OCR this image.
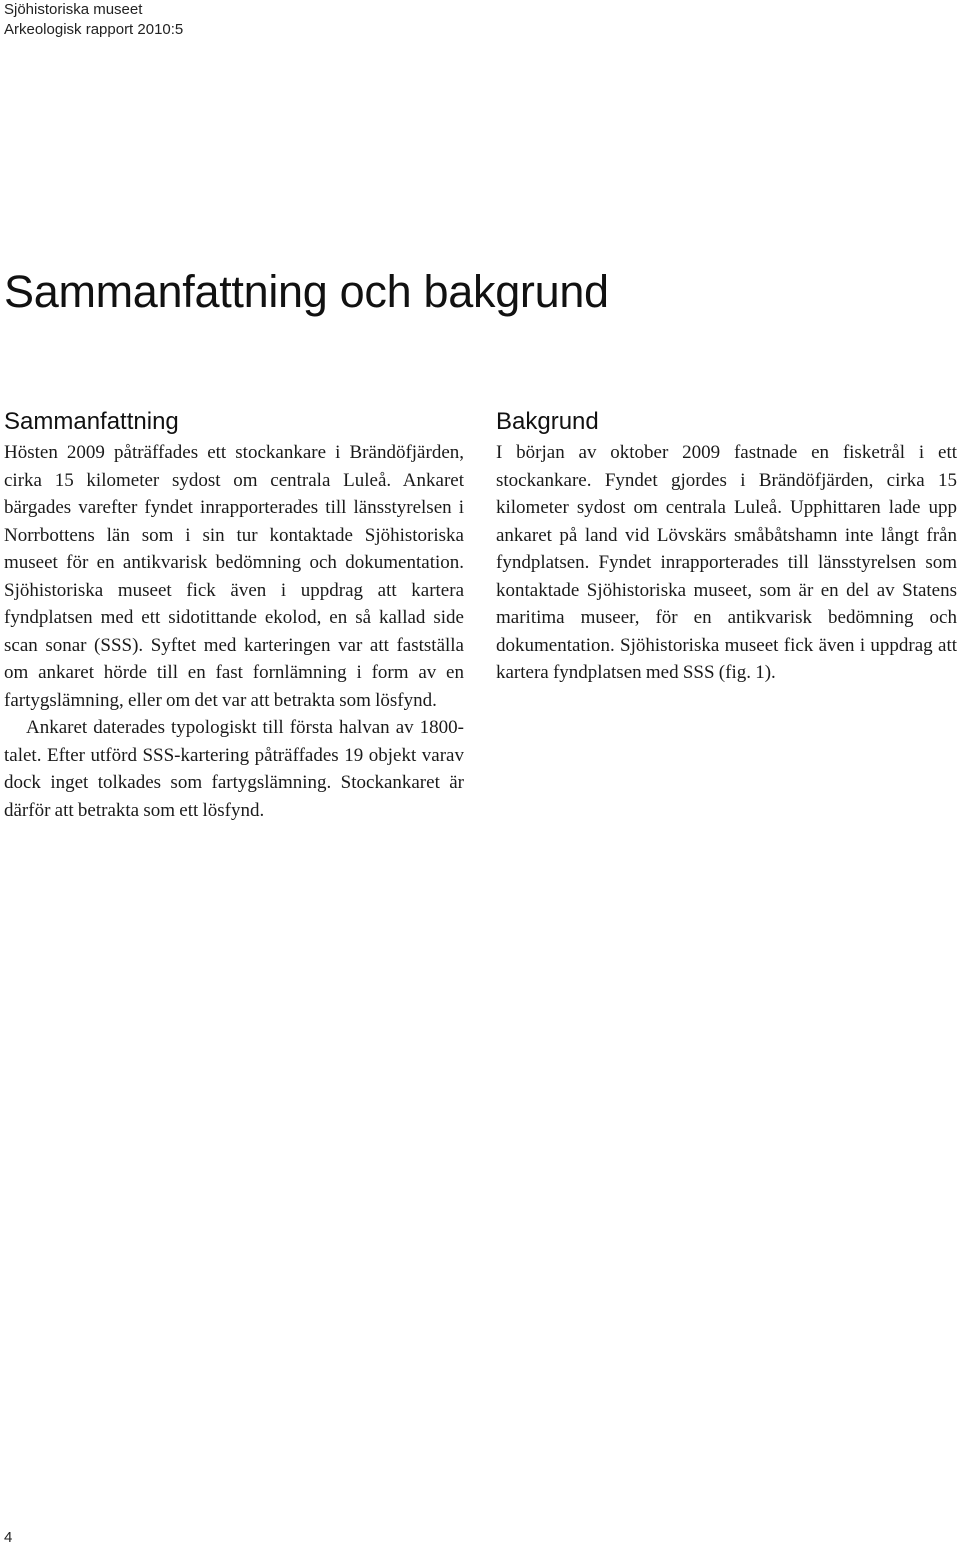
Sjöhistoriska museet
Arkeologisk rapport 2010:5
Sammanfattning och bakgrund
Sammanfattning

Hösten 2009 påträffades ett stockankare i Brändöfjärden, cirka 15 kilometer sydost om centrala Luleå. Ankaret bärgades varefter fyndet inrapporterades till länsstyrelsen i Norrbottens län som i sin tur kontaktade Sjöhistoriska museet för en antikvarisk bedömning och dokumentation. Sjöhistoriska museet fick även i uppdrag att kartera fyndplatsen med ett sidotittande ekolod, en så kallad side scan sonar (SSS). Syftet med karteringen var att fastställa om ankaret hörde till en fast fornlämning i form av en fartygslämning, eller om det var att betrakta som lösfynd.

Ankaret daterades typologiskt till första halvan av 1800-talet. Efter utförd SSS-kartering påträffades 19 objekt varav dock inget tolkades som fartygslämning. Stockankaret är därför att betrakta som ett lösfynd.

Bakgrund

I början av oktober 2009 fastnade en fisketrål i ett stockankare. Fyndet gjordes i Brändöfjärden, cirka 15 kilometer sydost om centrala Luleå. Upphittaren lade upp ankaret på land vid Lövskärs småbåtshamn inte långt från fyndplatsen. Fyndet inrapporterades till länsstyrelsen som kontaktade Sjöhistoriska museet, som är en del av Statens maritima museer, för en antikvarisk bedömning och dokumentation. Sjöhistoriska museet fick även i uppdrag att kartera fyndplatsen med SSS (fig. 1).

4
